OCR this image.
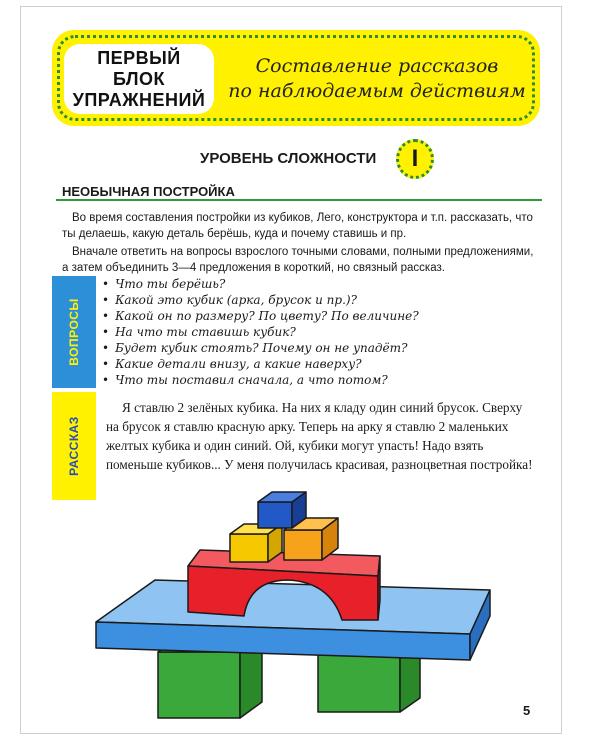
ПЕРВЫЙ
БЛОК
УПРАЖНЕНИЙ
Составление рассказов
по наблюдаемым действиям
УРОВЕНЬ СЛОЖНОСТИ	I
НЕОБЫЧНАЯ ПОСТРОЙКА

Во время составления постройки из кубиков, Лего, конструктора и т.п. рассказать, что ты делаешь, какую деталь берёшь, куда и почему ставишь и пр.

Вначале ответить на вопросы взрослого точными словами, полными предложениями, а затем объединить 3—4 предложения в короткий, но связный рассказ.

ВОПРОСЫ
РАССКАЗ
• Что ты берёшь?
• Какой это кубик (арка, брусок и пр.)?
• Какой он по размеру? По цвету? По величине?
• На что ты ставишь кубик?
• Будет кубик стоять? Почему он не упадёт?
• Какие детали внизу, а какие наверху?
• Что ты поставил сначала, а что потом?

Я ставлю 2 зелёных кубика. На них я кладу один синий брусок. Сверху на брусок я ставлю красную арку. Теперь на арку я ставлю 2 маленьких желтых кубика и один синий. Ой, кубики могут упасть! Надо взять поменьше кубиков... У меня получилась красивая, разноцветная постройка!

5
